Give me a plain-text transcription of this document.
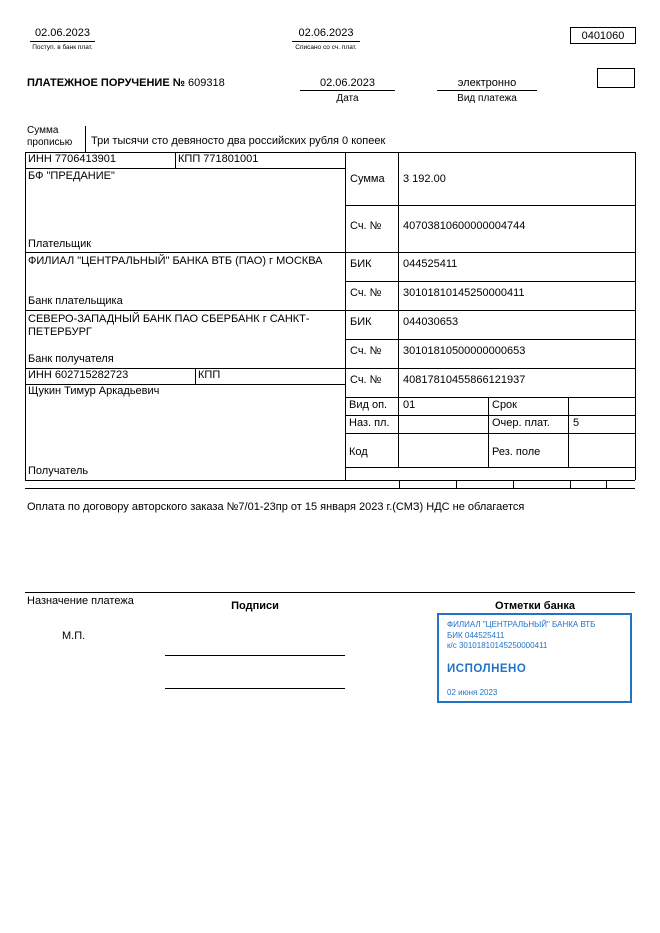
02.06.2023
Поступ. в банк плат.
02.06.2023
Списано со сч. плат.
0401060
ПЛАТЕЖНОЕ ПОРУЧЕНИЕ № 609318	02.06.2023
Дата
электронно
Вид платежа
Сумма
прописью Три тысячи сто девяносто два российских рубля 0 копеек
ИНН 7706413901	КПП 771801001
БФ "ПРЕДАНИЕ"
Плательщик
Сумма 3 192.00
Сч. № 40703810600000004744
ФИЛИАЛ "ЦЕНТРАЛЬНЫЙ" БАНКА ВТБ (ПАО) г МОСКВА
Банк плательщика
БИК	044525411
Сч. № 30101810145250000411
СЕВЕРО-ЗАПАДНЫЙ БАНК ПАО СБЕРБАНК г САНКТ-ПЕТЕРБУРГ
Банк получателя
БИК	044030653
Сч. № 30101810500000000653
ИНН 602715282723	КПП
Щукин Тимур Аркадьевич
Получатель
Сч. № 40817810455866121937
Вид оп. 01	Срок
Наз. пл.	Очер. плат. 5
Код	Рез. поле
Оплата по договору авторского заказа №7/01-23пр от 15 января 2023 г.(СМЗ) НДС не облагается
Назначение платежа	Подписи	Отметки банка
М.П.
ФИЛИАЛ "ЦЕНТРАЛЬНЫЙ" БАНКА ВТБ
БИК 044525411
к/с 30101810145250000411
ИСПОЛНЕНО
02 июня 2023
